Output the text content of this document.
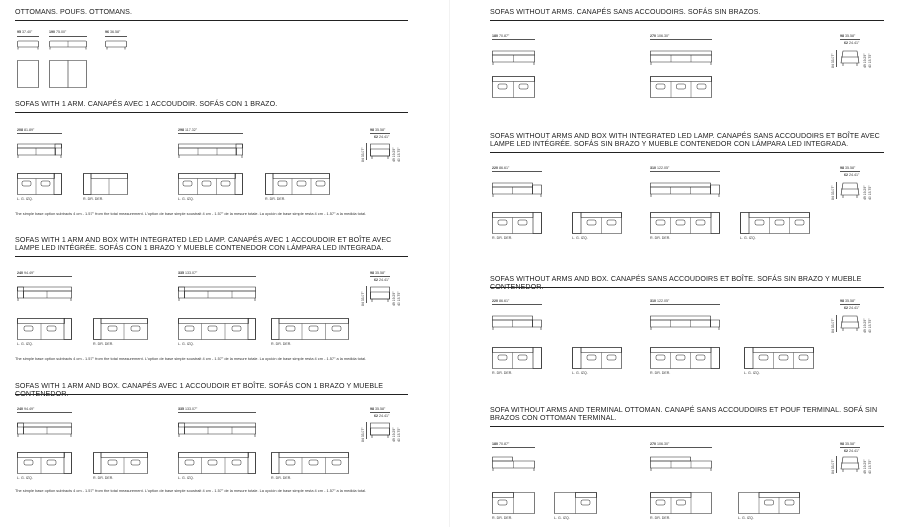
OTTOMANS. POUFS. OTTOMANS.
95 37.40"	190 75.00"	96 36.58"
SOFAS WITH 1 ARM. CANAPÉS AVEC 1 ACCOUDOIR. SOFÁS CON 1 BRAZO.
208 81.89"	298 117.32"	98 35.58"
62 24.41"
84 33.07"	49 19.29" 40 15.75"
L. G. IZQ.	R. DR. DER.	L. G. IZQ.	R. DR. DER.
The simple base option subtracts 4 cm - 1.57" from the total measurement. L'option de base simple soustrait 4 cm - 1.57" de la mesure totale. La opción de base simple resta 4 cm - 1.57" a la medida total.
SOFAS WITH 1 ARM AND BOX WITH INTEGRATED LED LAMP. CANAPÉS AVEC 1 ACCOUDOIR ET BOÎTE AVEC LAMPE LED INTÉGRÉE. SOFÁS CON 1 BRAZO Y MUEBLE CONTENEDOR CON LÁMPARA LED INTEGRADA.
240 94.49"	335 133.07"	98 35.58"
62 24.41"
84 33.07"	49 19.29" 40 15.75"
L. G. IZQ.	R. DR. DER.	L. G. IZQ.	R. DR. DER.
The simple base option subtracts 4 cm - 1.57" from the total measurement. L'option de base simple soustrait 4 cm - 1.57" de la mesure totale. La opción de base simple resta 4 cm - 1.57" a la medida total.
SOFAS WITH 1 ARM AND BOX. CANAPÉS AVEC 1 ACCOUDOIR ET BOÎTE. SOFÁS CON 1 BRAZO Y MUEBLE CONTENEDOR.
240 94.49"	335 133.07"	98 35.58"
62 24.41"
84 33.07"	49 19.29" 40 15.75"
L. G. IZQ.	R. DR. DER.	L. G. IZQ.	R. DR. DER.
The simple base option subtracts 4 cm - 1.57" from the total measurement. L'option de base simple soustrait 4 cm - 1.57" de la mesure totale. La opción de base simple resta 4 cm - 1.57" a la medida total.
SOFAS WITHOUT ARMS. CANAPÉS SANS ACCOUDOIRS. SOFÁS SIN BRAZOS.
180 70.87"	270 106.30"	98 35.58"
62 24.41"
84 33.07"	49 19.29" 40 15.75"
SOFAS WITHOUT ARMS AND BOX WITH INTEGRATED LED LAMP. CANAPÉS SANS ACCOUDOIRS ET BOÎTE AVEC LAMPE LED INTÉGRÉE. SOFÁS SIN BRAZO Y MUEBLE CONTENEDOR CON LÁMPARA LED INTEGRADA.
220 86.61"	310 122.05"	98 35.58"
62 24.41"
84 33.07"	49 19.29" 40 15.75"
R. DR. DER.	L. G. IZQ.	R. DR. DER.	L. G. IZQ.
SOFAS WITHOUT ARMS AND BOX. CANAPÉS SANS ACCOUDOIRS ET BOÎTE. SOFÁS SIN BRAZO Y MUEBLE CONTENEDOR.
220 86.61"	310 122.05"	98 35.58"
62 24.41"
84 33.07"	49 19.29" 40 15.75"
R. DR. DER.	L. G. IZQ.	R. DR. DER.	L. G. IZQ.
SOFA WITHOUT ARMS AND TERMINAL OTTOMAN. CANAPÉ SANS ACCOUDOIRS ET POUF TERMINAL. SOFÁ SIN BRAZOS CON OTTOMAN TERMINAL.
180 70.87"	270 106.30"	98 35.58"
62 24.41"
84 33.07"	49 19.29" 40 15.75"
R. DR. DER.	L. G. IZQ.	R. DR. DER.	L. G. IZQ.
